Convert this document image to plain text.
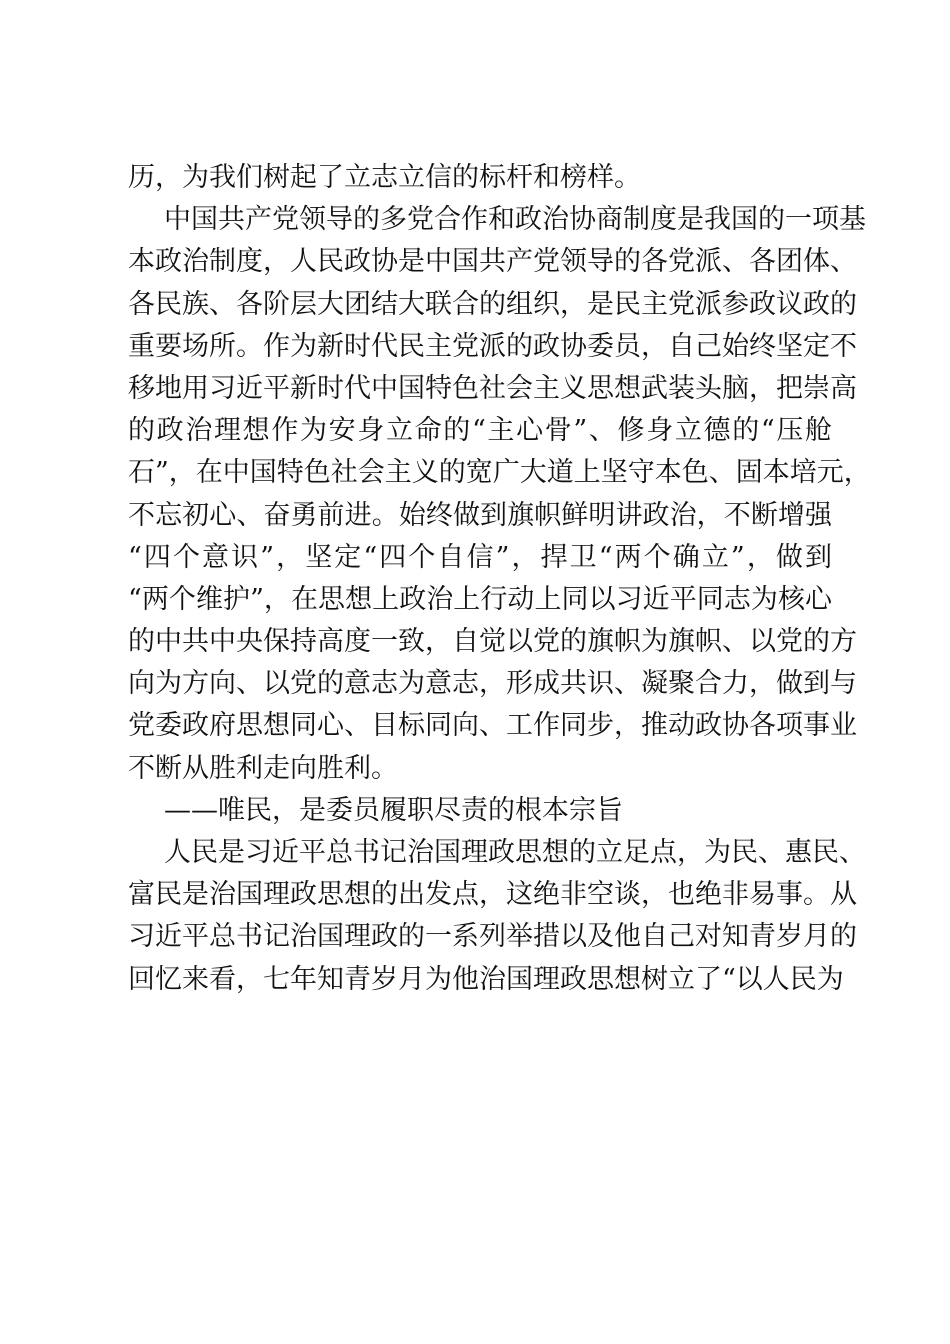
历，为我们树起了立志立信的标杆和榜样。
中国共产党领导的多党合作和政治协商制度是我国的一项基
本政治制度，人民政协是中国共产党领导的各党派、各团体、
各民族、各阶层大团结大联合的组织，是民主党派参政议政的
重要场所。作为新时代民主党派的政协委员，自己始终坚定不
移地用习近平新时代中国特色社会主义思想武装头脑，把崇高
的政治理想作为安身立命的“主心骨”、修身立德的“压舱
石”，在中国特色社会主义的宽广大道上坚守本色、固本培元，
不忘初心、奋勇前进。始终做到旗帜鲜明讲政治，不断增强
“四个意识”，坚定“四个自信”，捍卫“两个确立”，做到
“两个维护”，在思想上政治上行动上同以习近平同志为核心
的中共中央保持高度一致，自觉以党的旗帜为旗帜、以党的方
向为方向、以党的意志为意志，形成共识、凝聚合力，做到与
党委政府思想同心、目标同向、工作同步，推动政协各项事业
不断从胜利走向胜利。
——唯民，是委员履职尽责的根本宗旨
人民是习近平总书记治国理政思想的立足点，为民、惠民、
富民是治国理政思想的出发点，这绝非空谈，也绝非易事。从
习近平总书记治国理政的一系列举措以及他自己对知青岁月的
回忆来看，七年知青岁月为他治国理政思想树立了“以人民为
